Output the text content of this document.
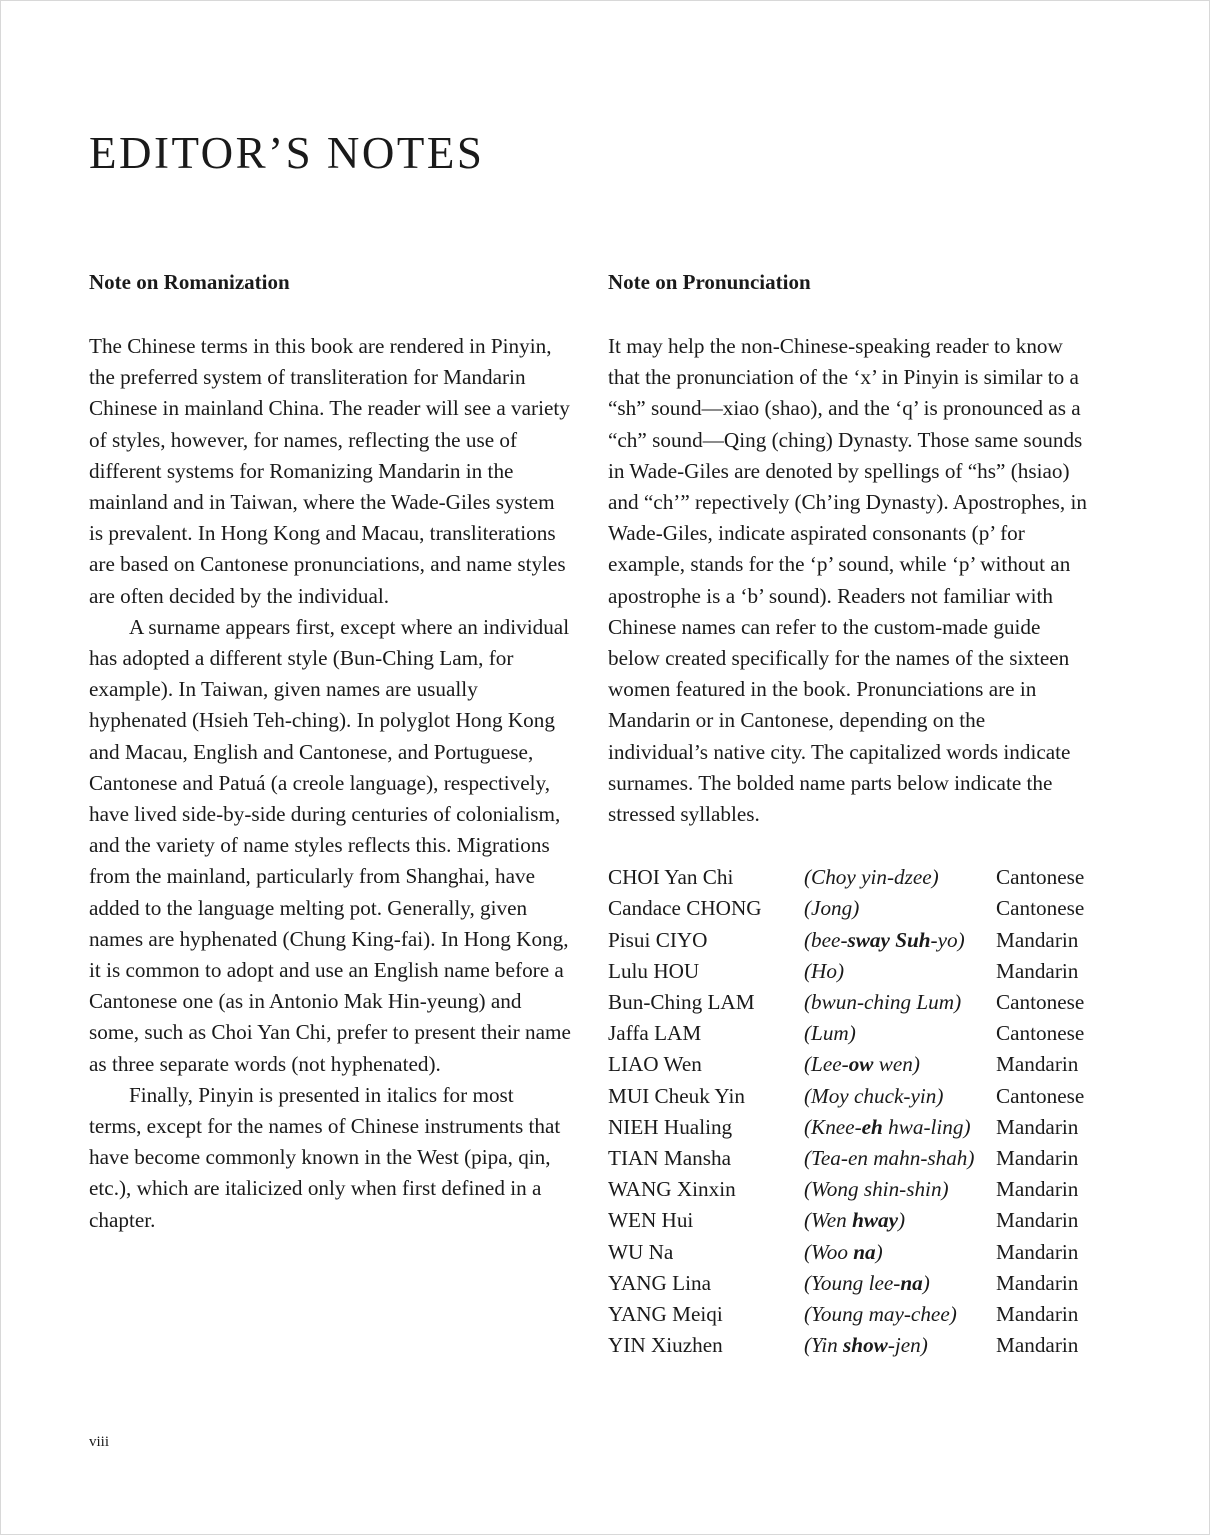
EDITOR’S NOTES
Note on Romanization

The Chinese terms in this book are rendered in Pinyin, the preferred system of transliteration for Mandarin Chinese in mainland China. The reader will see a variety of styles, however, for names, reflecting the use of different systems for Romanizing Mandarin in the mainland and in Taiwan, where the Wade-Giles system is prevalent. In Hong Kong and Macau, transliterations are based on Cantonese pronunciations, and name styles are often decided by the individual.

A surname appears first, except where an individual has adopted a different style (Bun-Ching Lam, for example). In Taiwan, given names are usually hyphenated (Hsieh Teh-ching). In polyglot Hong Kong and Macau, English and Cantonese, and Portuguese, Cantonese and Patuá (a creole language), respectively, have lived side-by-side during centuries of colonialism, and the variety of name styles reflects this. Migrations from the mainland, particularly from Shanghai, have added to the language melting pot. Generally, given names are hyphenated (Chung King-fai). In Hong Kong, it is common to adopt and use an English name before a Cantonese one (as in Antonio Mak Hin-yeung) and some, such as Choi Yan Chi, prefer to present their name as three separate words (not hyphenated).

Finally, Pinyin is presented in italics for most terms, except for the names of Chinese instruments that have become commonly known in the West (pipa, qin, etc.), which are italicized only when first defined in a chapter.

Note on Pronunciation

It may help the non-Chinese-speaking reader to know that the pronunciation of the ‘x’ in Pinyin is similar to a “sh” sound—xiao (shao), and the ‘q’ is pronounced as a “ch” sound—Qing (ching) Dynasty. Those same sounds in Wade-Giles are denoted by spellings of “hs” (hsiao) and “ch’” repectively (Ch’ing Dynasty). Apostrophes, in Wade-Giles, indicate aspirated consonants (p’ for example, stands for the ‘p’ sound, while ‘p’ without an apostrophe is a ‘b’ sound). Readers not familiar with Chinese names can refer to the custom-made guide below created specifically for the names of the sixteen women featured in the book. Pronunciations are in Mandarin or in Cantonese, depending on the individual’s native city. The capitalized words indicate surnames. The bolded name parts below indicate the stressed syllables.

CHOI Yan Chi	(Choy yin-dzee)	Cantonese
Candace CHONG	(Jong)	Cantonese
Pisui CIYO	(bee-sway Suh-yo)	Mandarin
Lulu HOU	(Ho)	Mandarin
Bun-Ching LAM	(bwun-ching Lum)	Cantonese
Jaffa LAM	(Lum)	Cantonese
LIAO Wen	(Lee-ow wen)	Mandarin
MUI Cheuk Yin	(Moy chuck-yin)	Cantonese
NIEH Hualing	(Knee-eh hwa-ling)	Mandarin
TIAN Mansha	(Tea-en mahn-shah)	Mandarin
WANG Xinxin	(Wong shin-shin)	Mandarin
WEN Hui	(Wen hway)	Mandarin
WU Na	(Woo na)	Mandarin
YANG Lina	(Young lee-na)	Mandarin
YANG Meiqi	(Young may-chee)	Mandarin
YIN Xiuzhen	(Yin show-jen)	Mandarin
viii
